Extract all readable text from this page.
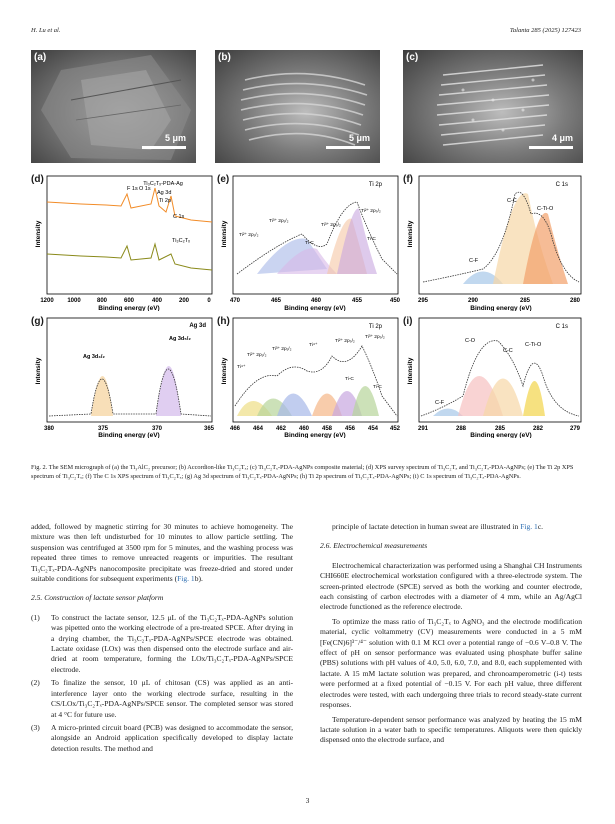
H. Lu et al.	Talanta 285 (2025) 127423
(a)
5 μm
(b)
5 μm
(c)
4 μm
(d)	Ti₃C₂Tₓ-PDA-Ag
Ti₃C₂Tₓ
F 1s O 1s
Ag 3d
Ti 2p
C 1s
Intensity
1200 1000	800	600	400	200	0
Binding energy (eV)
(e)	Ti 2p
Ti²⁺ 2p₁/₂
Ti³⁺ 2p₁/₂
Ti-C
Ti³⁺ 2p₃/₂
Ti²⁺ 2p₃/₂
Ti-C
Intensity
470	465	460	455	450
Binding energy (eV)
(f)	C 1s
C-C
C-Ti-O
C-F
Intensity
295	290	285	280
Binding energy (eV)
(g)	Ag 3d
Ag 3d₃/₂
Ag 3d₅/₂
Intensity
380	375	370	365
Binding energy (eV)
(h)	Ti 2p
Ti⁴⁺
Ti²⁺ 2p₁/₂
Ti³⁺ 2p₁/₂
Ti⁴⁺
Ti²⁺ 2p₃/₂
Ti³⁺ 2p₃/₂
Ti-C
Ti-C
Intensity
466 464 462 460 458 456 454 452
Binding energy (eV)
(i)	C 1s
C-O
C-C
C-Ti-O
C-F
Intensity
291	288	285	282	279
Binding energy (eV)
Fig. 2. The SEM micrograph of (a) the Ti₃AlC₂ precursor; (b) Accordion-like Ti₃C₂Tₓ; (c) Ti₃C₂Tₓ-PDA-AgNPs composite material; (d) XPS survey spectrum of Ti₃C₂Tₓ and Ti₃C₂Tₓ-PDA-AgNPs; (e) The Ti 2p XPS spectrum of Ti₃C₂Tₓ; (f) The C 1s XPS spectrum of Ti₃C₂Tₓ; (g) Ag 3d spectrum of Ti₃C₂Tₓ-PDA-AgNPs; (h) Ti 2p spectrum of Ti₃C₂Tₓ-PDA-AgNPs; (i) C 1s spectrum of Ti₃C₂Tₓ-PDA-AgNPs.

added, followed by magnetic stirring for 30 minutes to achieve homogeneity. The mixture was then left undisturbed for 10 minutes to allow particle settling. The suspension was centrifuged at 3500 rpm for 5 minutes, and the washing process was repeated three times to remove unreacted reagents or impurities. The resultant Ti₃C₂Tₓ-PDA-AgNPs nanocomposite precipitate was freeze-dried and stored under suitable conditions for subsequent experiments (Fig. 1b).

2.5. Construction of lactate sensor platform
(1)	To construct the lactate sensor, 12.5 μL of the Ti₃C₂Tₓ-PDA-AgNPs solution was pipetted onto the working electrode of a pre-treated SPCE. After drying in a drying chamber, the Ti₃C₂Tₓ-PDA-AgNPs/SPCE electrode was obtained. Lactate oxidase (LOx) was then dispensed onto the electrode surface and air-dried at room temperature, forming the LOx/Ti₃C₂Tₓ-PDA-AgNPs/SPCE electrode.
(2)	To finalize the sensor, 10 μL of chitosan (CS) was applied as an anti-interference layer onto the working electrode surface, resulting in the CS/LOx/Ti₃C₂Tₓ-PDA-AgNPs/SPCE sensor. The completed sensor was stored at 4 °C for future use.
(3)	A micro-printed circuit board (PCB) was designed to accommodate the sensor, alongside an Android application specifically developed to display lactate detection results. The method and

principle of lactate detection in human sweat are illustrated in Fig. 1c.

2.6. Electrochemical measurements

Electrochemical characterization was performed using a Shanghai CH Instruments CHI660E electrochemical workstation configured with a three-electrode system. The screen-printed electrode (SPCE) served as both the working and counter electrode, each consisting of carbon electrodes with a diameter of 4 mm, while an Ag/AgCl electrode functioned as the reference electrode.

To optimize the mass ratio of Ti₃C₂Tₓ to AgNO₃ and the electrode modification material, cyclic voltammetry (CV) measurements were conducted in a 5 mM [Fe(CN)6]³⁻/⁴⁻ solution with 0.1 M KCl over a potential range of −0.6 V–0.8 V. The effect of pH on sensor performance was evaluated using phosphate buffer saline (PBS) solutions with pH values of 4.0, 5.0, 6.0, 7.0, and 8.0, each supplemented with lactate. A 15 mM lactate solution was prepared, and chronoamperometric (i-t) tests were performed at a fixed potential of −0.15 V. For each pH value, three different electrodes were tested, with each undergoing three trials to record steady-state current responses.

Temperature-dependent sensor performance was analyzed by heating the 15 mM lactate solution in a water bath to specific temperatures. Aliquots were then quickly dispensed onto the electrode surface, and

3
